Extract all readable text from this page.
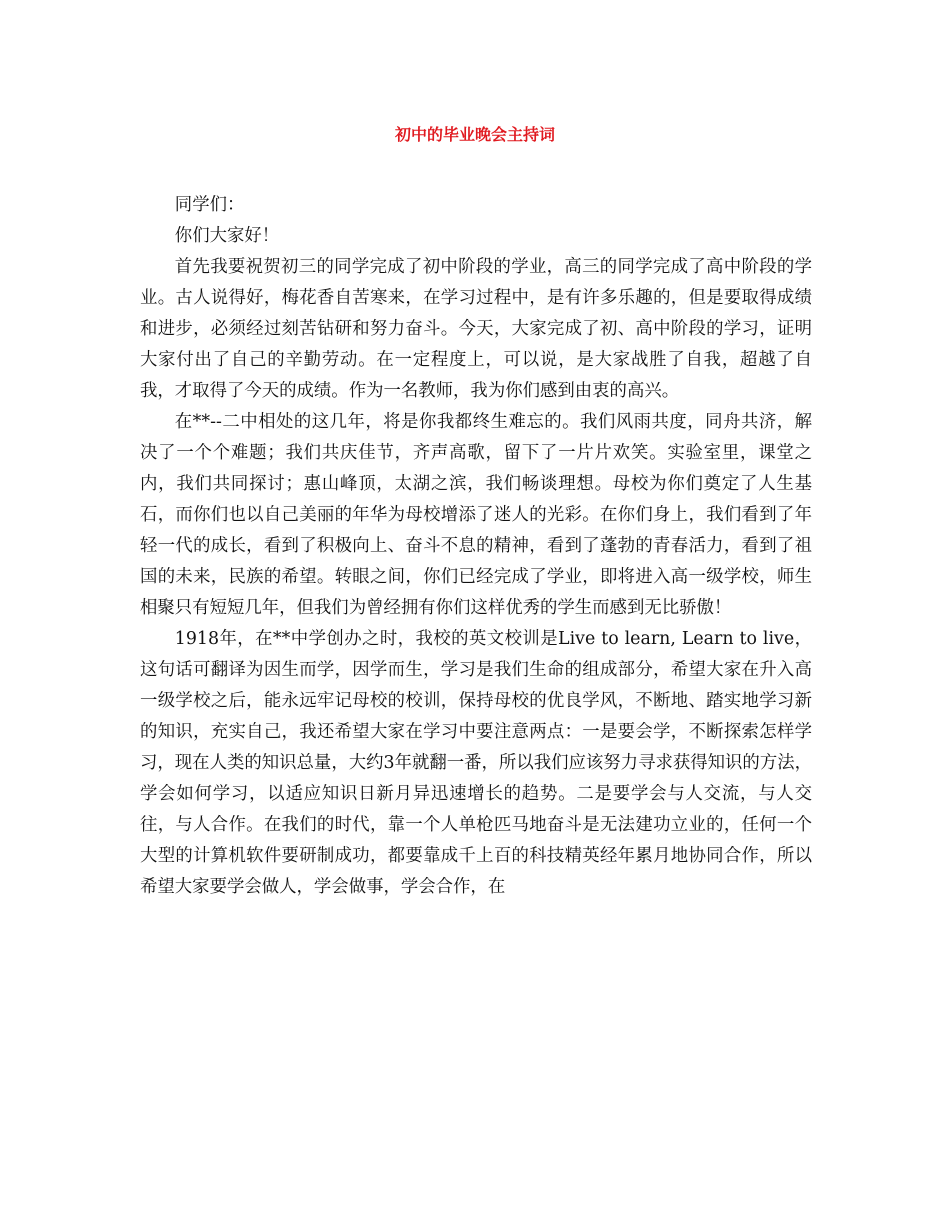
初中的毕业晚会主持词

同学们：

你们大家好！

首先我要祝贺初三的同学完成了初中阶段的学业，高三的同学完成了高中阶段的学业。古人说得好，梅花香自苦寒来，在学习过程中，是有许多乐趣的，但是要取得成绩和进步，必须经过刻苦钻研和努力奋斗。今天，大家完成了初、高中阶段的学习，证明大家付出了自己的辛勤劳动。在一定程度上，可以说，是大家战胜了自我，超越了自我，才取得了今天的成绩。作为一名教师，我为你们感到由衷的高兴。

在**--二中相处的这几年，将是你我都终生难忘的。我们风雨共度，同舟共济，解决了一个个难题；我们共庆佳节，齐声高歌，留下了一片片欢笑。实验室里，课堂之内，我们共同探讨；惠山峰顶，太湖之滨，我们畅谈理想。母校为你们奠定了人生基石，而你们也以自己美丽的年华为母校增添了迷人的光彩。在你们身上，我们看到了年轻一代的成长，看到了积极向上、奋斗不息的精神，看到了蓬勃的青春活力，看到了祖国的未来，民族的希望。转眼之间，你们已经完成了学业，即将进入高一级学校，师生相聚只有短短几年，但我们为曾经拥有你们这样优秀的学生而感到无比骄傲！

1918年，在**中学创办之时，我校的英文校训是Live to learn, Learn to live，这句话可翻译为因生而学，因学而生，学习是我们生命的组成部分，希望大家在升入高一级学校之后，能永远牢记母校的校训，保持母校的优良学风，不断地、踏实地学习新的知识，充实自己，我还希望大家在学习中要注意两点：一是要会学，不断探索怎样学习，现在人类的知识总量，大约3年就翻一番，所以我们应该努力寻求获得知识的方法，学会如何学习，以适应知识日新月异迅速增长的趋势。二是要学会与人交流，与人交往，与人合作。在我们的时代，靠一个人单枪匹马地奋斗是无法建功立业的，任何一个大型的计算机软件要研制成功，都要靠成千上百的科技精英经年累月地协同合作，所以希望大家要学会做人，学会做事，学会合作，在
